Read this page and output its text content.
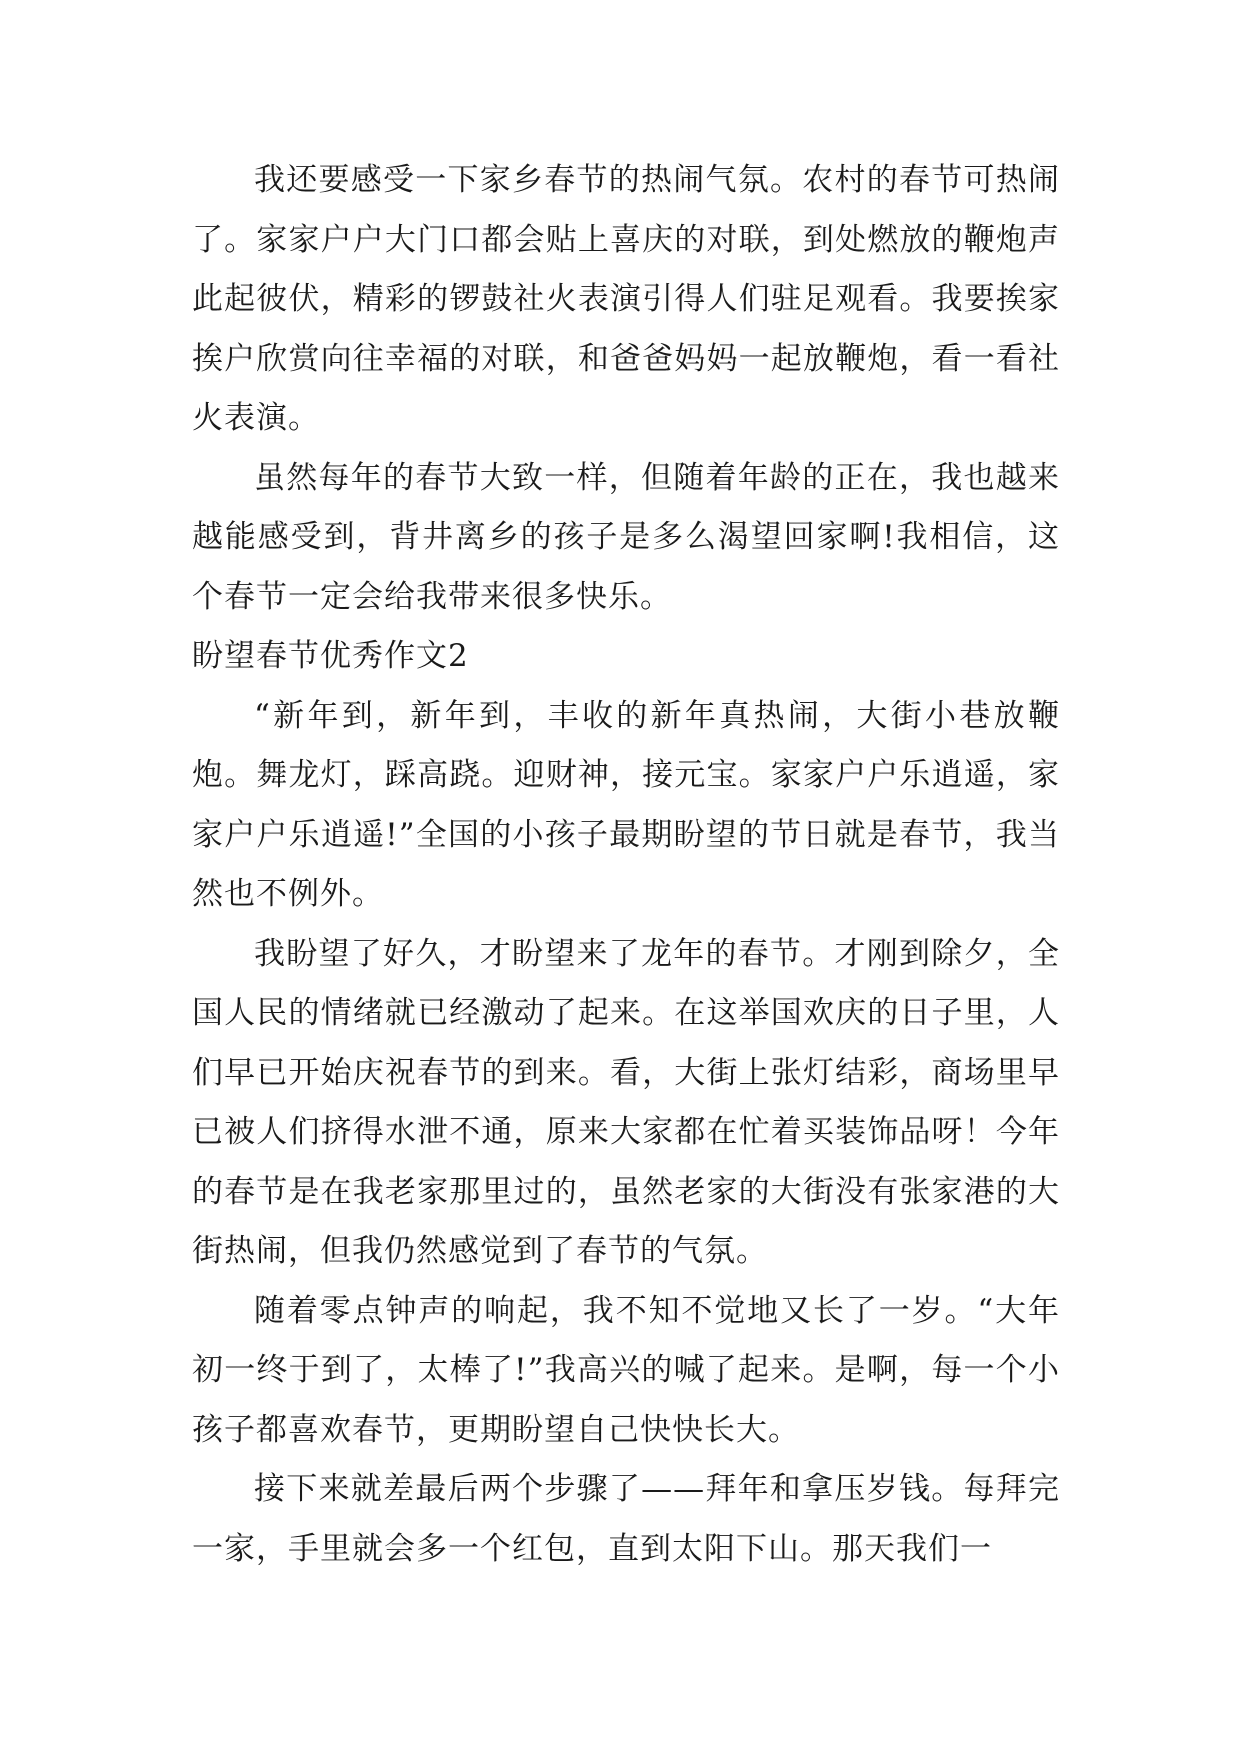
我还要感受一下家乡春节的热闹气氛。农村的春节可热闹了。家家户户大门口都会贴上喜庆的对联，到处燃放的鞭炮声此起彼伏，精彩的锣鼓社火表演引得人们驻足观看。我要挨家挨户欣赏向往幸福的对联，和爸爸妈妈一起放鞭炮，看一看社火表演。

虽然每年的春节大致一样，但随着年龄的正在，我也越来越能感受到，背井离乡的孩子是多么渴望回家啊!我相信，这个春节一定会给我带来很多快乐。

盼望春节优秀作文2

“新年到，新年到，丰收的新年真热闹，大街小巷放鞭炮。舞龙灯，踩高跷。迎财神，接元宝。家家户户乐逍遥，家家户户乐逍遥!”全国的小孩子最期盼望的节日就是春节，我当然也不例外。

我盼望了好久，才盼望来了龙年的春节。才刚到除夕，全国人民的情绪就已经激动了起来。在这举国欢庆的日子里，人们早已开始庆祝春节的到来。看，大街上张灯结彩，商场里早已被人们挤得水泄不通，原来大家都在忙着买装饰品呀！今年的春节是在我老家那里过的，虽然老家的大街没有张家港的大街热闹，但我仍然感觉到了春节的气氛。

随着零点钟声的响起，我不知不觉地又长了一岁。“大年初一终于到了，太棒了!”我高兴的喊了起来。是啊，每一个小孩子都喜欢春节，更期盼望自己快快长大。

接下来就差最后两个步骤了——拜年和拿压岁钱。每拜完一家，手里就会多一个红包，直到太阳下山。那天我们一
